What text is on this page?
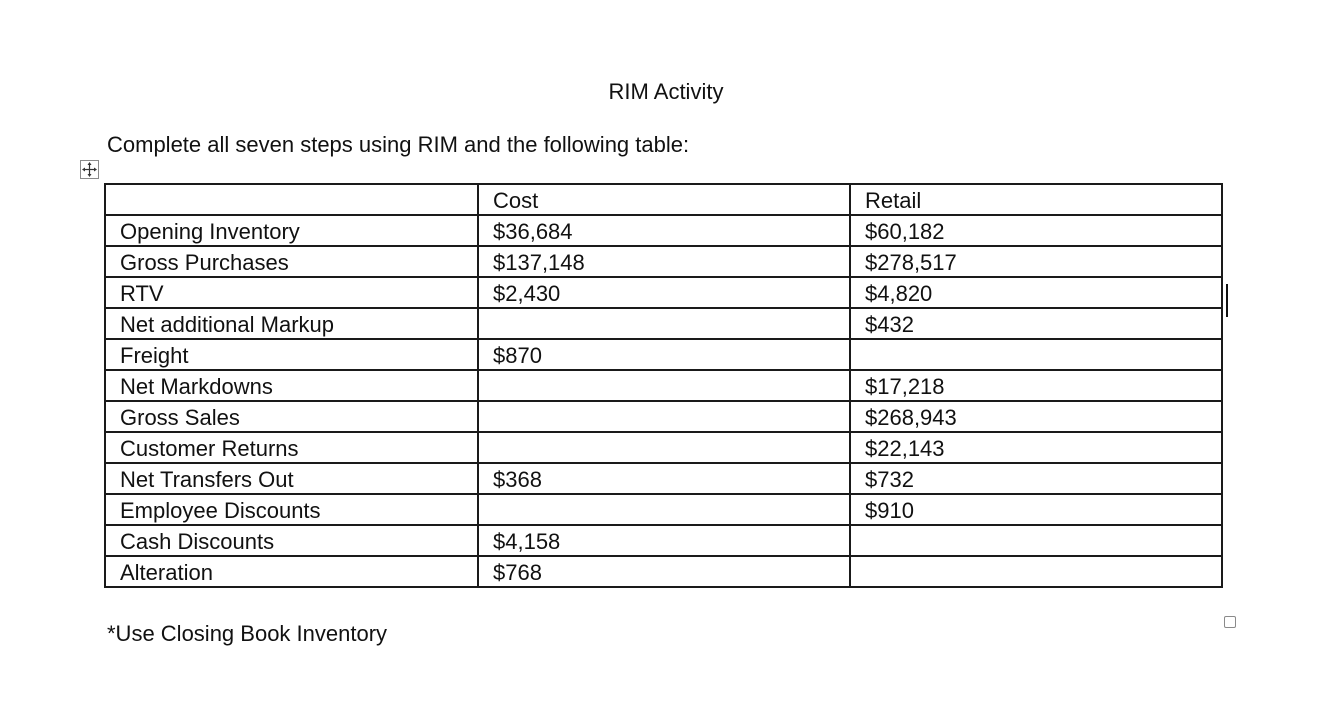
RIM Activity
Complete all seven steps using RIM and the following table:
	Cost	Retail
Opening Inventory	$36,684	$60,182
Gross Purchases	$137,148	$278,517
RTV	$2,430	$4,820
Net additional Markup		$432
Freight	$870	
Net Markdowns		$17,218
Gross Sales		$268,943
Customer Returns		$22,143
Net Transfers Out	$368	$732
Employee Discounts		$910
Cash Discounts	$4,158	
Alteration	$768	
*Use Closing Book Inventory
